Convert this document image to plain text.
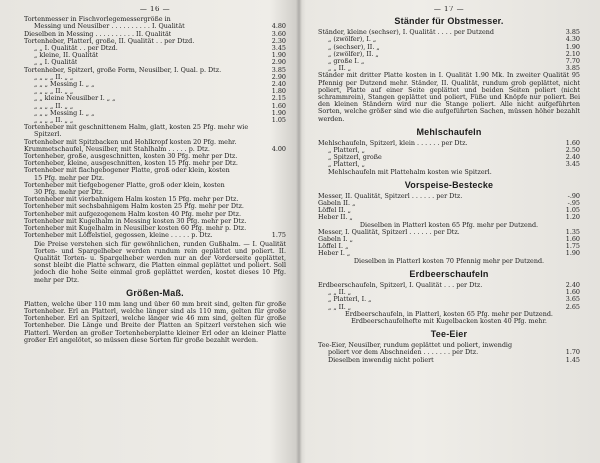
— 16 —
Tortenmesser in Fischvorlegemessergröße in
Messing und Neusilber . . . . . . . . . . I. Qualität	4.80
Dieselben in Messing . . . . . . . . . . II. Qualität	3.60
Tortenheber, Platterl, große, II. Qualität . . per Dtzd.	2.30
„ „ I. Qualität . . per Dtzd.	3.45
„ kleine, II. Qualität	1.90
„ „ I. Qualität	2.90
Tortenheber, Spitzerl, große Form, Neusilber, I. Qual. p. Dtz.	3.85
„ „ „ „ II. „ „	2.90
„ „ „ Messing I. „ „	2.40
„ „ „ „ II. „ „	1.80
„ „ kleine Neusilber I. „ „	2.15
„ „ „ „ II. „ „	1.60
„ „ „ Messing I. „ „	1.90
„ „ „ „ II. „ „	1.05
Tortenheber mit geschnittenem Halm, glatt, kosten 25 Pfg. mehr wie
Spitzerl.
Tortenheber mit Spitzbacken und Hohlkropf kosten 20 Pfg. mehr.
Krummetschaufel, Neusilber, mit Stahlhalm . . . . . p. Dtz.	4.00
Tortenheber, große, ausgeschnitten, kosten 30 Pfg. mehr per Dtz.
Tortenheber, kleine, ausgeschnitten, kosten 15 Pfg. mehr per Dtz.
Tortenheber mit flachgebogener Platte, groß oder klein, kosten
15 Pfg. mehr per Dtz.
Tortenheber mit tiefgebogener Platte, groß oder klein, kosten
30 Pfg. mehr per Dtz.
Tortenheber mit vierbahnigem Halm kosten 15 Pfg. mehr per Dtz.
Tortenheber mit sechsbahnigem Halm kosten 25 Pfg. mehr per Dtz.
Tortenheber mit aufgezogenem Halm kosten 40 Pfg. mehr per Dtz.
Tortenheber mit Kugelhalm in Messing kosten 30 Pfg. mehr per Dtz.
Tortenheber mit Kugelhalm in Neusilber kosten 60 Pfg. mehr p. Dtz.
Tortenheber mit Löffelstiel, gegossen, kleine . . . . . p. Dtz.	1.75
Die Preise verstehen sich für gewöhnlichen, runden Gußhalm. — I. Qualität Torten- und Spargelheber werden rundum rein geplättet und poliert. II. Qualität Torten- u. Spargelheber werden nur an der Vorderseite geplättet, sonst bleibt die Platte schwarz, die Platten einmal geplättet und poliert. Soll jedoch die hohe Seite einmal groß geplättet werden, kostet dieses 10 Pfg. mehr per Dtz.
Größen-Maß.
Platten, welche über 110 mm lang und über 60 mm breit sind, gelten für große Tortenheber. Erl an Platterl, welche länger sind als 110 mm, gelten für große Tortenheber. Erl an Spitzerl, welche länger wie 46 mm sind, gelten für große Tortenheber. Die Länge und Breite der Platten an Spitzerl verstehen sich wie Platterl. Werden an großer Tortenheberplatte kleiner Erl oder an kleiner Platte großer Erl angelötet, so müssen diese Sorten für große bezahlt werden.
— 17 —
Ständer für Obstmesser.
Ständer, kleine (sechser), I. Qualität . . . . per Dutzend	3.85
„ (zwölfer), I. „	4.30
„ (sechser), II. „	1.90
„ (zwölfer), II. „	2.10
„ große I. „	7.70
„ „ II. „	3.85
Ständer mit dritter Platte kosten in I. Qualität 1.90 Mk. In zweiter Qualität 95 Pfennig per Dutzend mehr. Ständer, II. Qualität, rundum grob geplättet, nicht poliert, Platte auf einer Seite geplättet und beiden Seiten poliert (nicht schrammrein), Stangen geplättet und poliert, Füße und Knöpfe nur poliert. Bei den kleinen Ständern wird nur die Stange poliert. Alle nicht aufgeführten Sorten, welche größer sind wie die aufgeführten Sachen, müssen höher bezahlt werden.
Mehlschaufeln
Mehlschaufeln, Spitzerl, klein . . . . . . per Dtz.	1.60
„ Platterl, „	2.50
„ Spitzerl, große	2.40
„ Platterl, „	3.45
Mehlschaufeln mit Plattehalm kosten wie Spitzerl.
Vorspeise-Bestecke
Messer, II. Qualität, Spitzerl . . . . . . per Dtz.	-.90
Gabeln II. „	-.95
Löffel II. „	1.05
Heber II. „	1.20
Dieselben in Platterl kosten 65 Pfg. mehr per Dutzend.
Messer, I. Qualität, Spitzerl . . . . . . per Dtz.	1.35
Gabeln I. „	1.60
Löffel I. „	1.75
Heber I. „	1.90
Dieselben in Platterl kosten 70 Pfennig mehr per Dutzend.
Erdbeerschaufeln
Erdbeerschaufeln, Spitzerl, I. Qualität . . . per Dtz.	2.40
„ „ II. „	1.60
„ Platterl, I. „	3.65
„ „ II. „	2.65
Erdbeerschaufeln, in Platterl, kosten 65 Pfg. mehr per Dutzend.
Erdbeerschaufelhefte mit Kugelbacken kosten 40 Pfg. mehr.
Tee-Eier
Tee-Eier, Neusilber, rundum geplättet und poliert, inwendig
poliert vor dem Abschneiden . . . . . . . per Dtz.	1.70
Dieselben inwendig nicht poliert	1.45
